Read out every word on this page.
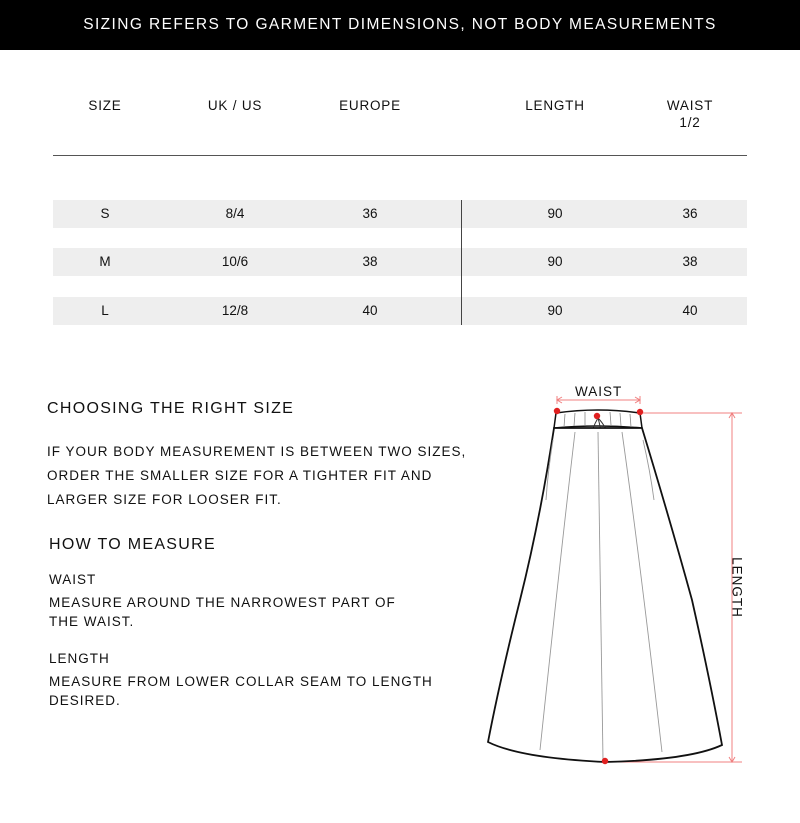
SIZING REFERS TO GARMENT DIMENSIONS, NOT BODY MEASUREMENTS
SIZE	UK / US	EUROPE	LENGTH	WAIST
1/2
S	8/4	36	90	36
M	10/6	38	90	38
L	12/8	40	90	40
CHOOSING THE RIGHT SIZE

IF YOUR BODY MEASUREMENT IS BETWEEN TWO SIZES,

ORDER THE SMALLER SIZE FOR A TIGHTER FIT AND

LARGER SIZE FOR LOOSER FIT.

HOW TO MEASURE
WAIST

MEASURE AROUND THE NARROWEST PART OF

THE WAIST.

LENGTH

MEASURE FROM LOWER COLLAR SEAM TO LENGTH

DESIRED.

WAIST
LENGTH
